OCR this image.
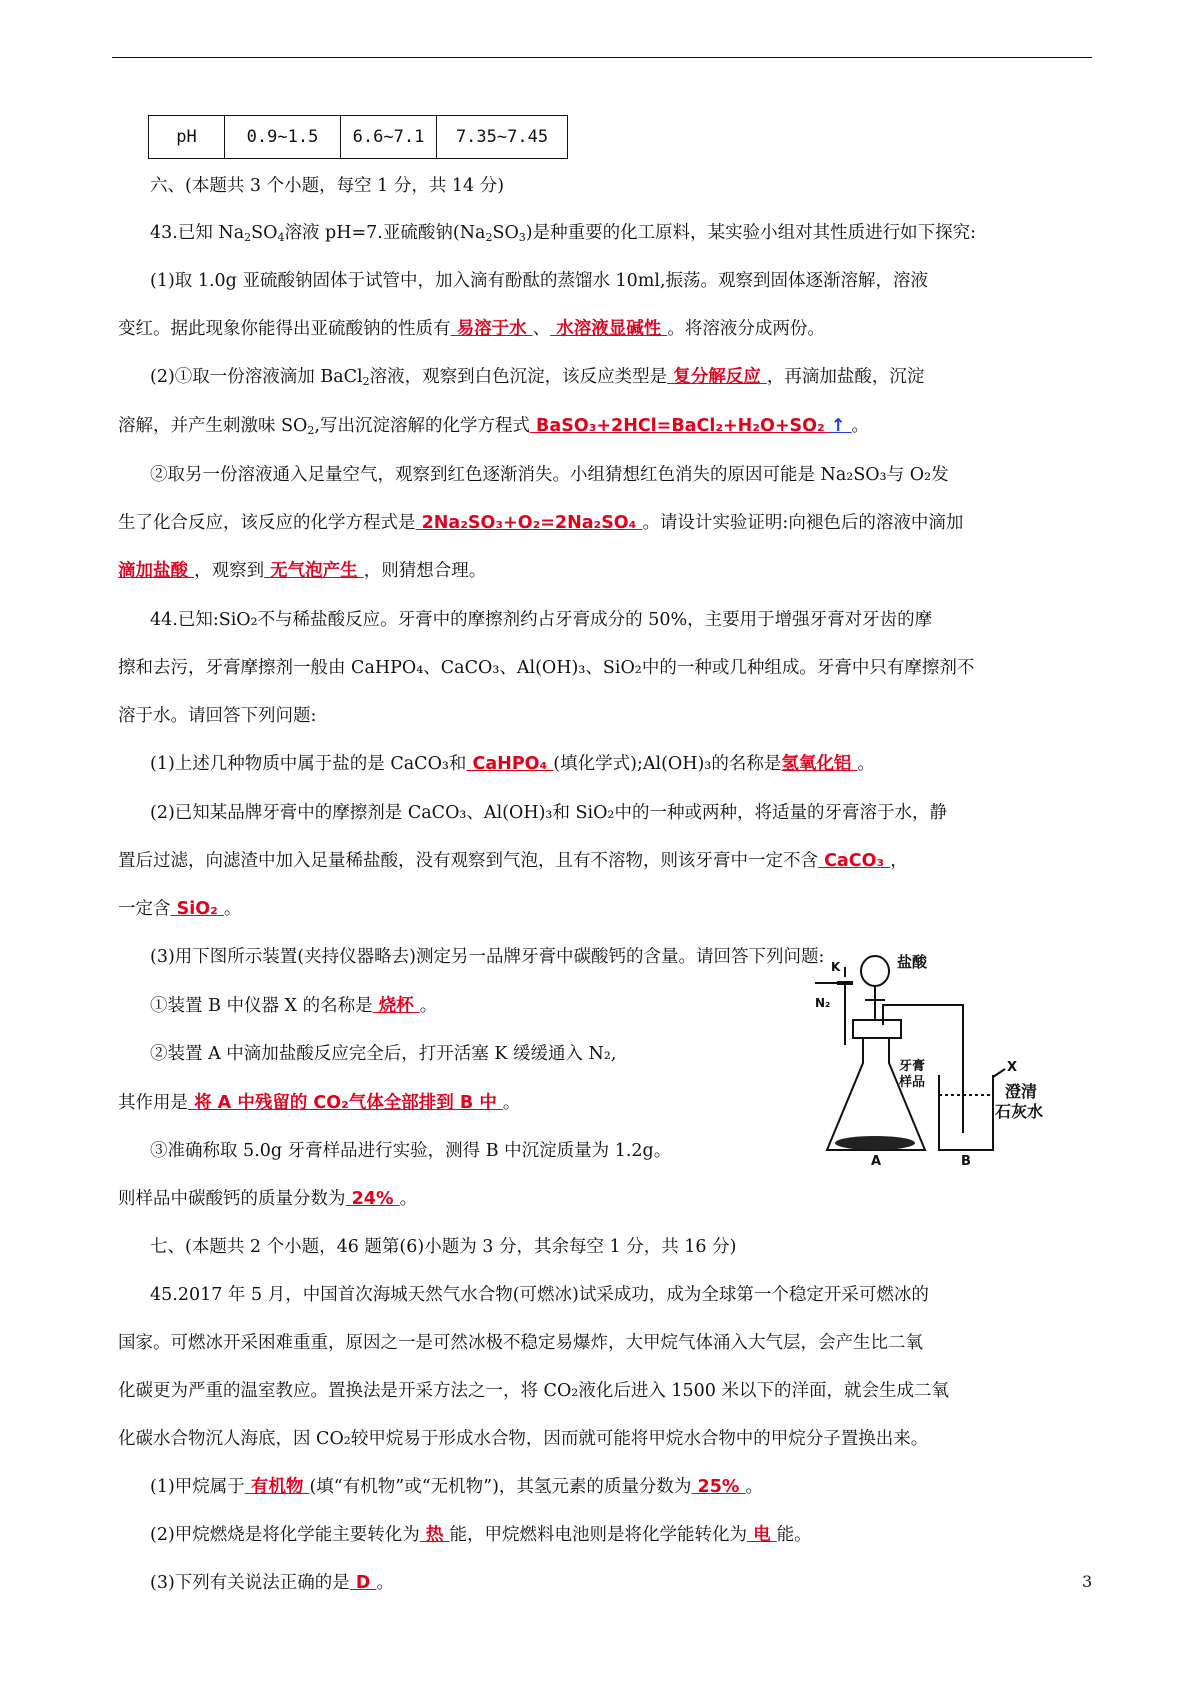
pH	0.9~1.5	6.6~7.1	7.35~7.45
六、(本题共 3 个小题，每空 1 分，共 14 分)
43.已知 $Na_2SO_4$溶液 pH=7.亚硫酸钠$(Na_2SO_3)$是种重要的化工原料，某实验小组对其性质进行如下探究:
(1)取 1.0g 亚硫酸钠固体于试管中，加入滴有酚酞的蒸馏水 10ml,振荡。观察到固体逐渐溶解，溶液
变红。据此现象你能得出亚硫酸钠的性质有 易溶于水 、 水溶液显碱性 。将溶液分成两份。
(2)①取一份溶液滴加 BaCl$_2$溶液，观察到白色沉淀，该反应类型是 复分解反应 ，再滴加盐酸，沉淀
溶解，并产生刺激味 $SO_2$,写出沉淀溶解的化学方程式 BaSO₃+2HCl=BaCl₂+H₂O+SO₂ ↑ 。
②取另一份溶液通入足量空气，观察到红色逐渐消失。小组猜想红色消失的原因可能是 Na₂SO₃与 O₂发
生了化合反应，该反应的化学方程式是 2Na₂SO₃+O₂=2Na₂SO₄ 。请设计实验证明:向褪色后的溶液中滴加
滴加盐酸 ，观察到 无气泡产生 ，则猜想合理。
44.已知:SiO₂不与稀盐酸反应。牙膏中的摩擦剂约占牙膏成分的 50%，主要用于增强牙膏对牙齿的摩
擦和去污，牙膏摩擦剂一般由 CaHPO₄、CaCO₃、Al(OH)₃、SiO₂中的一种或几种组成。牙膏中只有摩擦剂不
溶于水。请回答下列问题:
(1)上述几种物质中属于盐的是 CaCO₃和 CaHPO₄ (填化学式);Al(OH)₃的名称是氢氧化铝 。
(2)已知某品牌牙膏中的摩擦剂是 CaCO₃、Al(OH)₃和 SiO₂中的一种或两种，将适量的牙膏溶于水，静
置后过滤，向滤渣中加入足量稀盐酸，没有观察到气泡，且有不溶物，则该牙膏中一定不含 CaCO₃ ，
一定含 SiO₂ 。
(3)用下图所示装置(夹持仪器略去)测定另一品牌牙膏中碳酸钙的含量。请回答下列问题:
①装置 B 中仪器 X 的名称是 烧杯 。
②装置 A 中滴加盐酸反应完全后，打开活塞 K 缓缓通入 N₂,
其作用是 将 A 中残留的 CO₂气体全部排到 B 中 。
③准确称取 5.0g 牙膏样品进行实验，测得 B 中沉淀质量为 1.2g。
则样品中碳酸钙的质量分数为 24% 。
盐酸
K
N₂
牙膏
样品
X
澄清
石灰水
A	B
七、(本题共 2 个小题，46 题第(6)小题为 3 分，其余每空 1 分，共 16 分)
45.2017 年 5 月，中国首次海城天然气水合物(可燃冰)试采成功，成为全球第一个稳定开采可燃冰的
国家。可燃冰开采困难重重，原因之一是可然冰极不稳定易爆炸，大甲烷气体涌入大气层，会产生比二氧
化碳更为严重的温室教应。置换法是开采方法之一，将 CO₂液化后进入 1500 米以下的洋面，就会生成二氧
化碳水合物沉人海底，因 CO₂较甲烷易于形成水合物，因而就可能将甲烷水合物中的甲烷分子置换出来。
(1)甲烷属于 有机物 (填“有机物”或“无机物”)，其氢元素的质量分数为 25% 。
(2)甲烷燃烧是将化学能主要转化为 热 能，甲烷燃料电池则是将化学能转化为 电 能。
(3)下列有关说法正确的是 D 。	3
